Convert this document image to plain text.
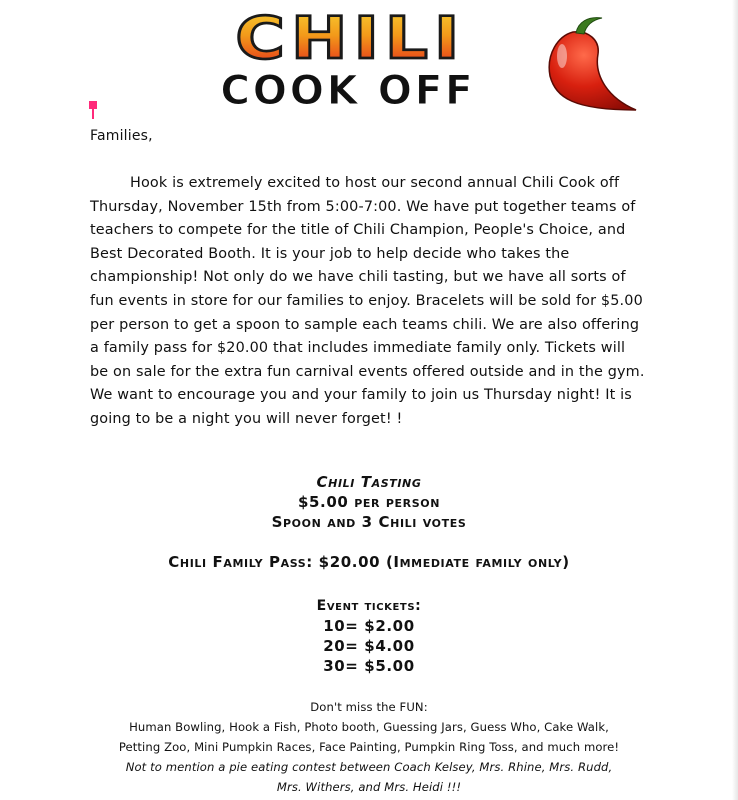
CHILI
COOK OFF
Families,

Hook is extremely excited to host our second annual Chili Cook off Thursday, November 15th from 5:00-7:00. We have put together teams of teachers to compete for the title of Chili Champion, People's Choice, and Best Decorated Booth. It is your job to help decide who takes the championship! Not only do we have chili tasting, but we have all sorts of fun events in store for our families to enjoy. Bracelets will be sold for $5.00 per person to get a spoon to sample each teams chili. We are also offering a family pass for $20.00 that includes immediate family only. Tickets will be on sale for the extra fun carnival events offered outside and in the gym. We want to encourage you and your family to join us Thursday night! It is going to be a night you will never forget! !

Chili Tasting
$5.00 per person
Spoon and 3 Chili votes
Chili Family Pass: $20.00 (Immediate family only)
Event tickets:
10= $2.00
20= $4.00
30= $5.00
Don't miss the FUN:
Human Bowling, Hook a Fish, Photo booth, Guessing Jars, Guess Who, Cake Walk,
Petting Zoo, Mini Pumpkin Races, Face Painting, Pumpkin Ring Toss, and much more!
Not to mention a pie eating contest between Coach Kelsey, Mrs. Rhine, Mrs. Rudd,
Mrs. Withers, and Mrs. Heidi !!!
